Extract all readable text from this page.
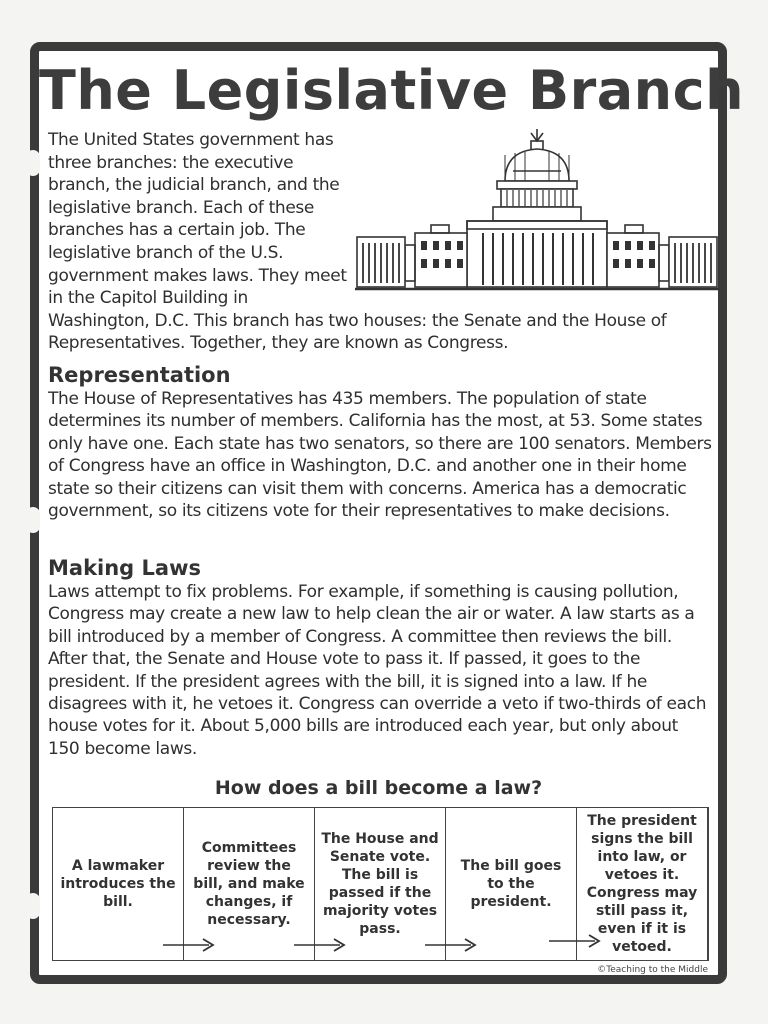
The Legislative Branch

The United States government has three branches: the executive branch, the judicial branch, and the legislative branch. Each of these branches has a certain job. The legislative branch of the U.S. government makes laws. They meet in the Capitol Building in Washington, D.C. This branch has two houses: the Senate and the House of Representatives. Together, they are known as Congress.

Representation

The House of Representatives has 435 members. The population of state determines its number of members. California has the most, at 53. Some states only have one. Each state has two senators, so there are 100 senators. Members of Congress have an office in Washington, D.C. and another one in their home state so their citizens can visit them with concerns. America has a democratic government, so its citizens vote for their representatives to make decisions.

Making Laws

Laws attempt to fix problems. For example, if something is causing pollution, Congress may create a new law to help clean the air or water. A law starts as a bill introduced by a member of Congress. A committee then reviews the bill. After that, the Senate and House vote to pass it. If passed, it goes to the president. If the president agrees with the bill, it is signed into a law. If he disagrees with it, he vetoes it. Congress can override a veto if two-thirds of each house votes for it. About 5,000 bills are introduced each year, but only about 150 become laws.

How does a bill become a law?
A lawmaker introduces the bill.
Committees review the bill, and make changes, if necessary.
The House and Senate vote. The bill is passed if the majority votes pass.
The bill goes to the president.
The president signs the bill into law, or vetoes it. Congress may still pass it, even if it is vetoed.
©Teaching to the Middle
